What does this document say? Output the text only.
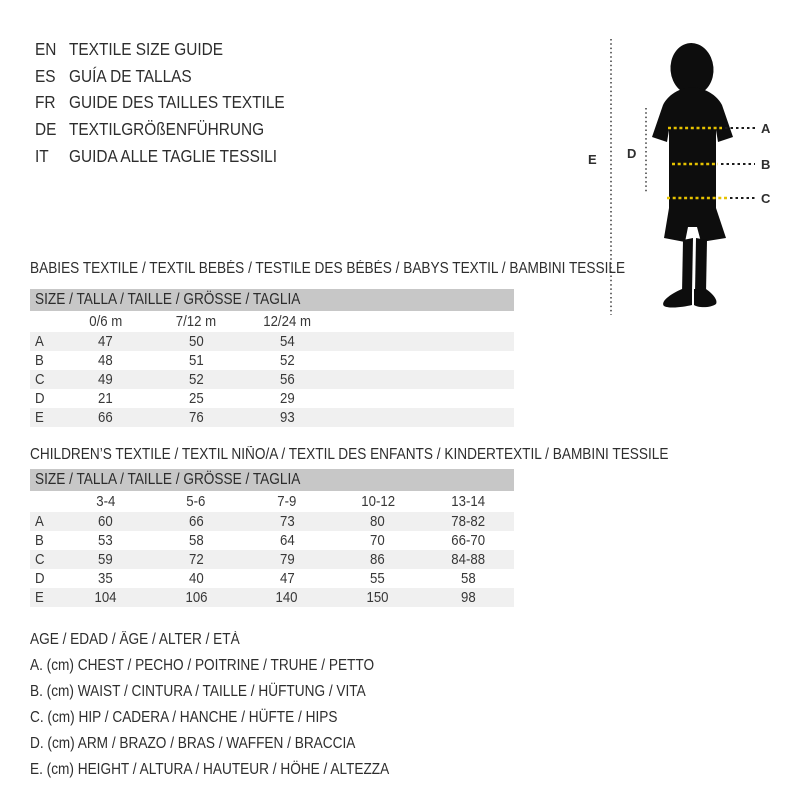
EN TEXTILE SIZE GUIDE
ES GUÍA DE TALLAS
FR GUIDE DES TAILLES TEXTILE
DE TEXTILGRÖßENFÜHRUNG
IT	GUIDA ALLE TAGLIE TESSILI	E D
A
B
C
BABIES TEXTILE / TEXTIL BEBÉS / TESTILE DES BÉBÉS / BABYS TEXTIL / BAMBINI TESSILE
SIZE / TALLA / TAILLE / GRÖSSE / TAGLIA
	0/6 m	7/12 m	12/24 m		
A	47	50	54		
B	48	51	52		
C	49	52	56		
D	21	25	29		
E	66	76	93		
CHILDREN’S TEXTILE / TEXTIL NIÑO/A / TEXTIL DES ENFANTS / KINDERTEXTIL / BAMBINI TESSILE
SIZE / TALLA / TAILLE / GRÖSSE / TAGLIA
	3-4	5-6	7-9	10-12	13-14
A	60	66	73	80	78-82
B	53	58	64	70	66-70
C	59	72	79	86	84-88
D	35	40	47	55	58
E	104	106	140	150	98
AGE / EDAD / ÂGE / ALTER / ETÀ
A. (cm) CHEST / PECHO / POITRINE / TRUHE / PETTO
B. (cm) WAIST / CINTURA / TAILLE / HÜFTUNG / VITA
C. (cm) HIP / CADERA / HANCHE / HÜFTE / HIPS
D. (cm) ARM / BRAZO / BRAS / WAFFEN / BRACCIA
E. (cm) HEIGHT / ALTURA / HAUTEUR / HÖHE / ALTEZZA
